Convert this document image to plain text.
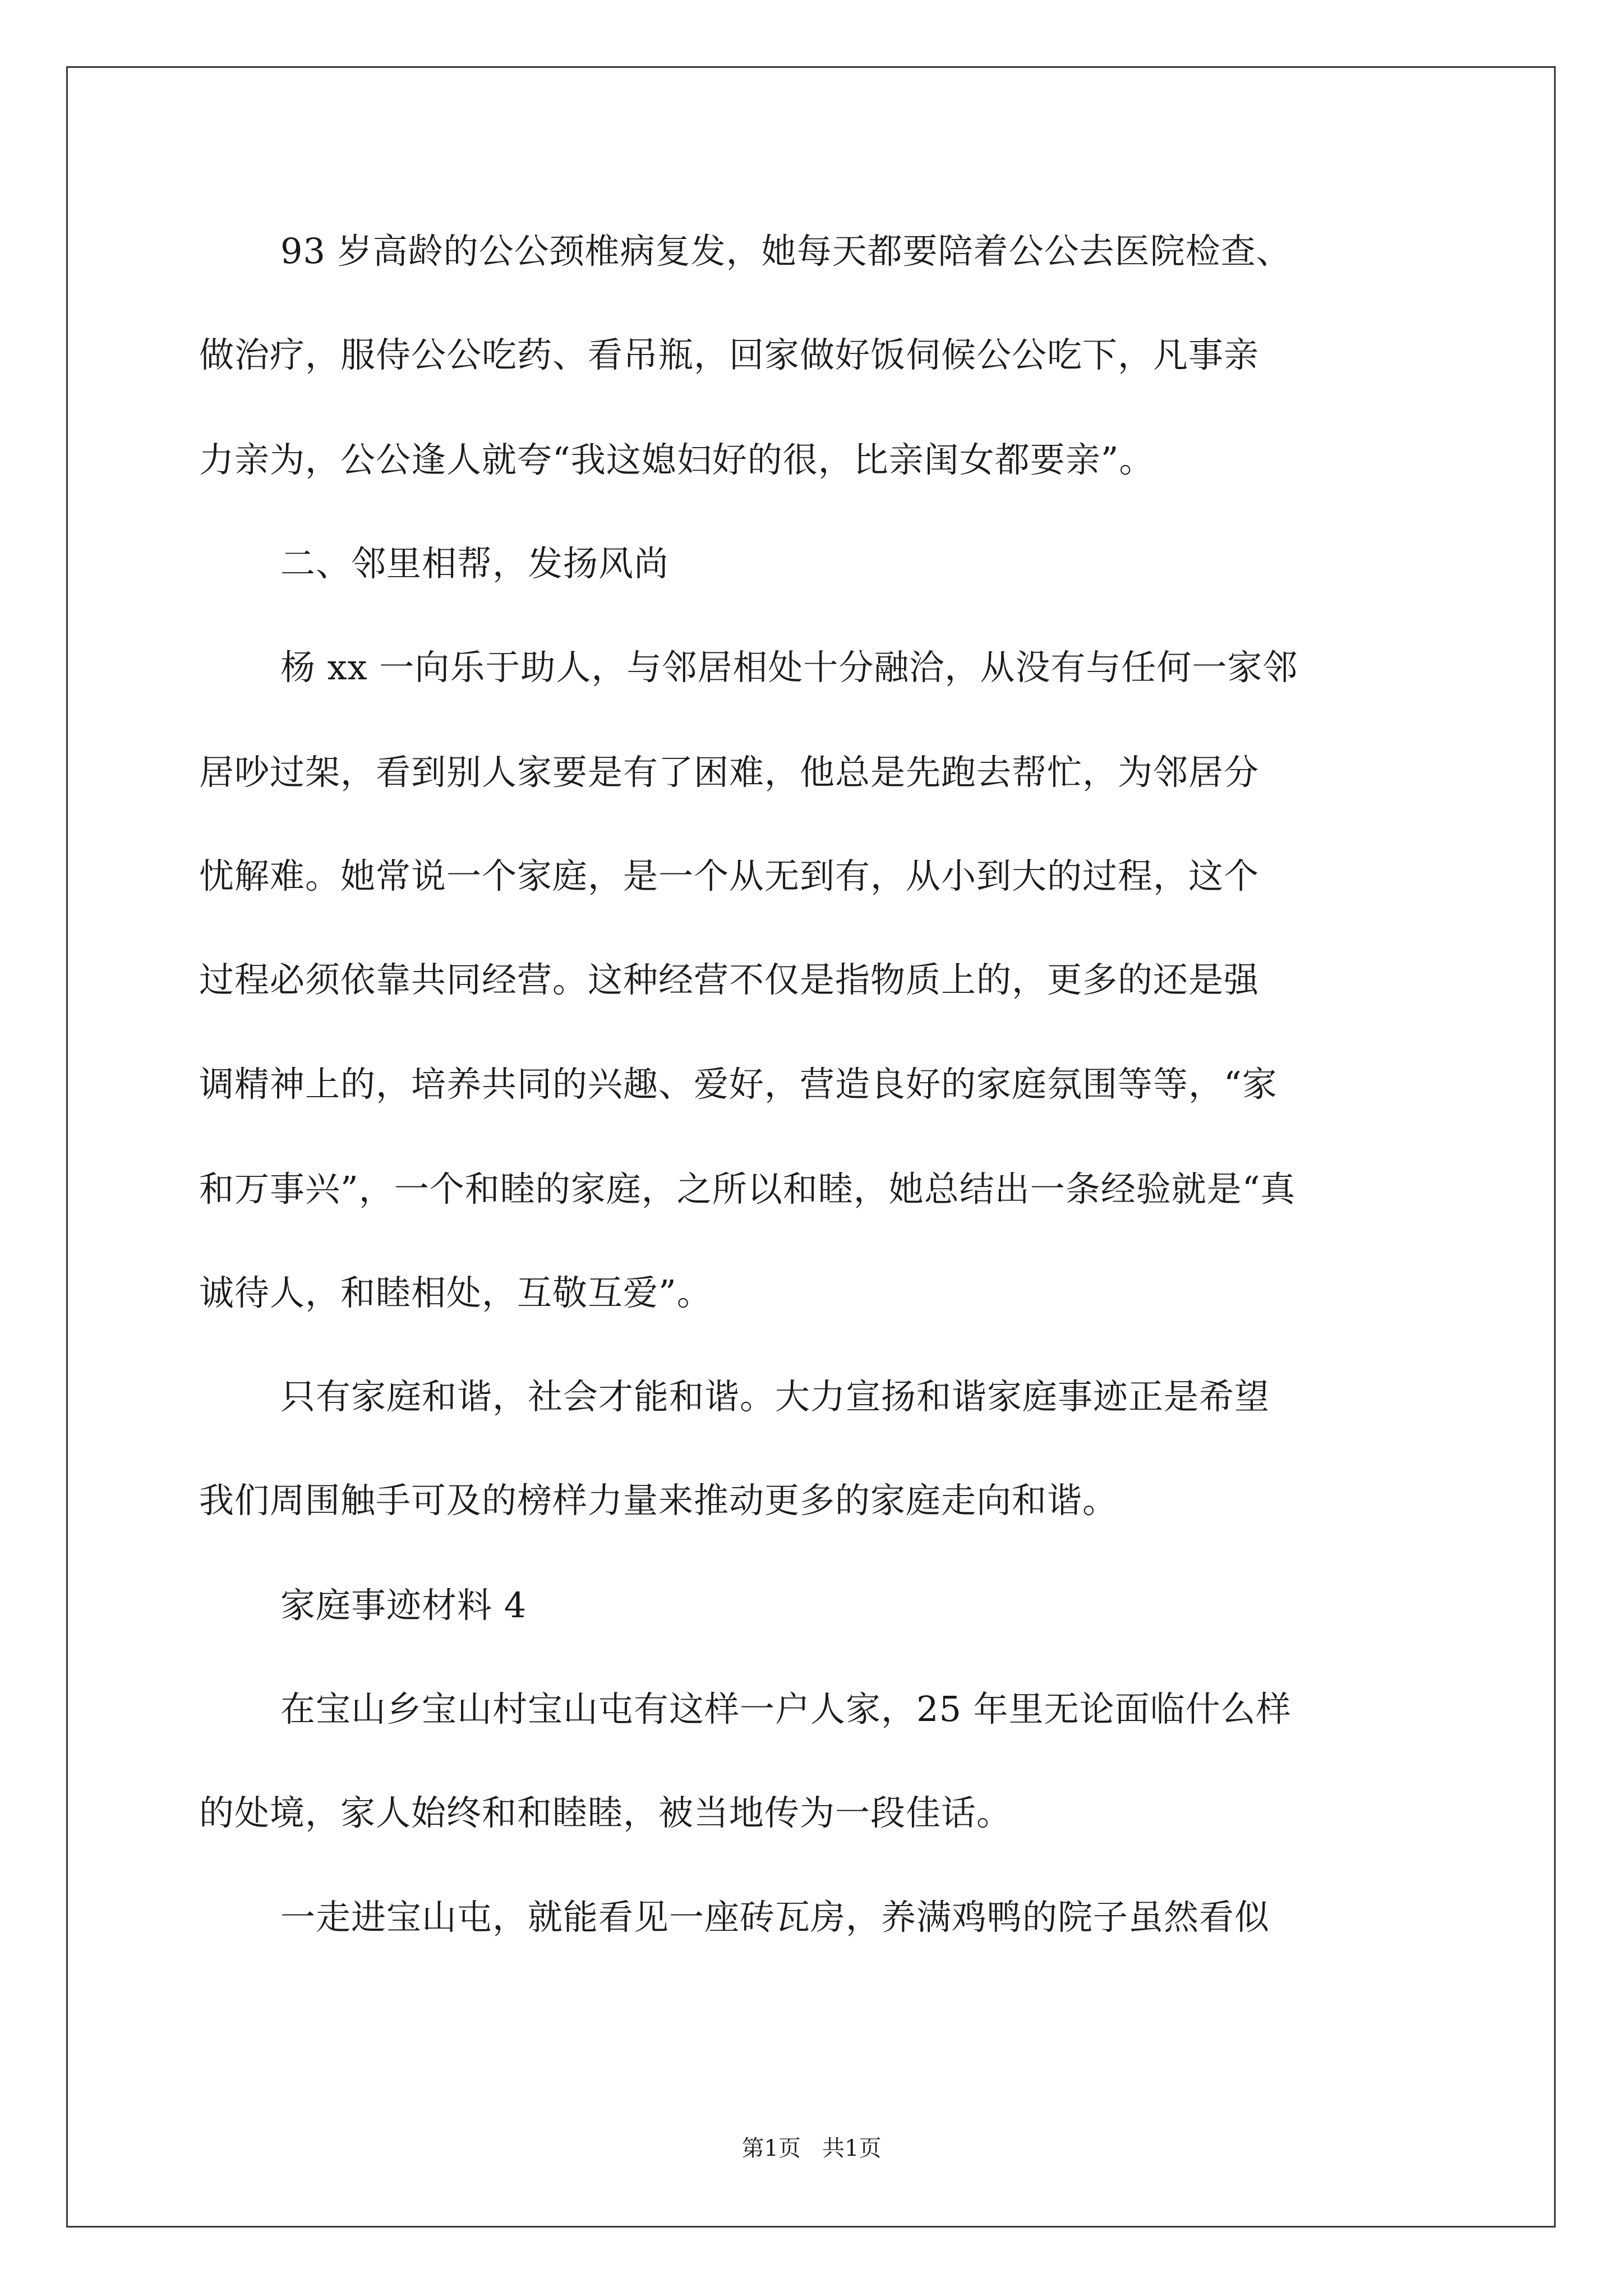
93 岁高龄的公公颈椎病复发，她每天都要陪着公公去医院检查、
做治疗，服侍公公吃药、看吊瓶，回家做好饭伺候公公吃下，凡事亲
力亲为，公公逢人就夸“我这媳妇好的很，比亲闺女都要亲”。
二、邻里相帮，发扬风尚
杨 xx 一向乐于助人，与邻居相处十分融洽，从没有与任何一家邻
居吵过架，看到别人家要是有了困难，他总是先跑去帮忙，为邻居分
忧解难。她常说一个家庭，是一个从无到有，从小到大的过程，这个
过程必须依靠共同经营。这种经营不仅是指物质上的，更多的还是强
调精神上的，培养共同的兴趣、爱好，营造良好的家庭氛围等等，“家
和万事兴”，一个和睦的家庭，之所以和睦，她总结出一条经验就是“真
诚待人，和睦相处，互敬互爱”。
只有家庭和谐，社会才能和谐。大力宣扬和谐家庭事迹正是希望
我们周围触手可及的榜样力量来推动更多的家庭走向和谐。
家庭事迹材料 4
在宝山乡宝山村宝山屯有这样一户人家，25 年里无论面临什么样
的处境，家人始终和和睦睦，被当地传为一段佳话。
一走进宝山屯，就能看见一座砖瓦房，养满鸡鸭的院子虽然看似
第1页   共1页
